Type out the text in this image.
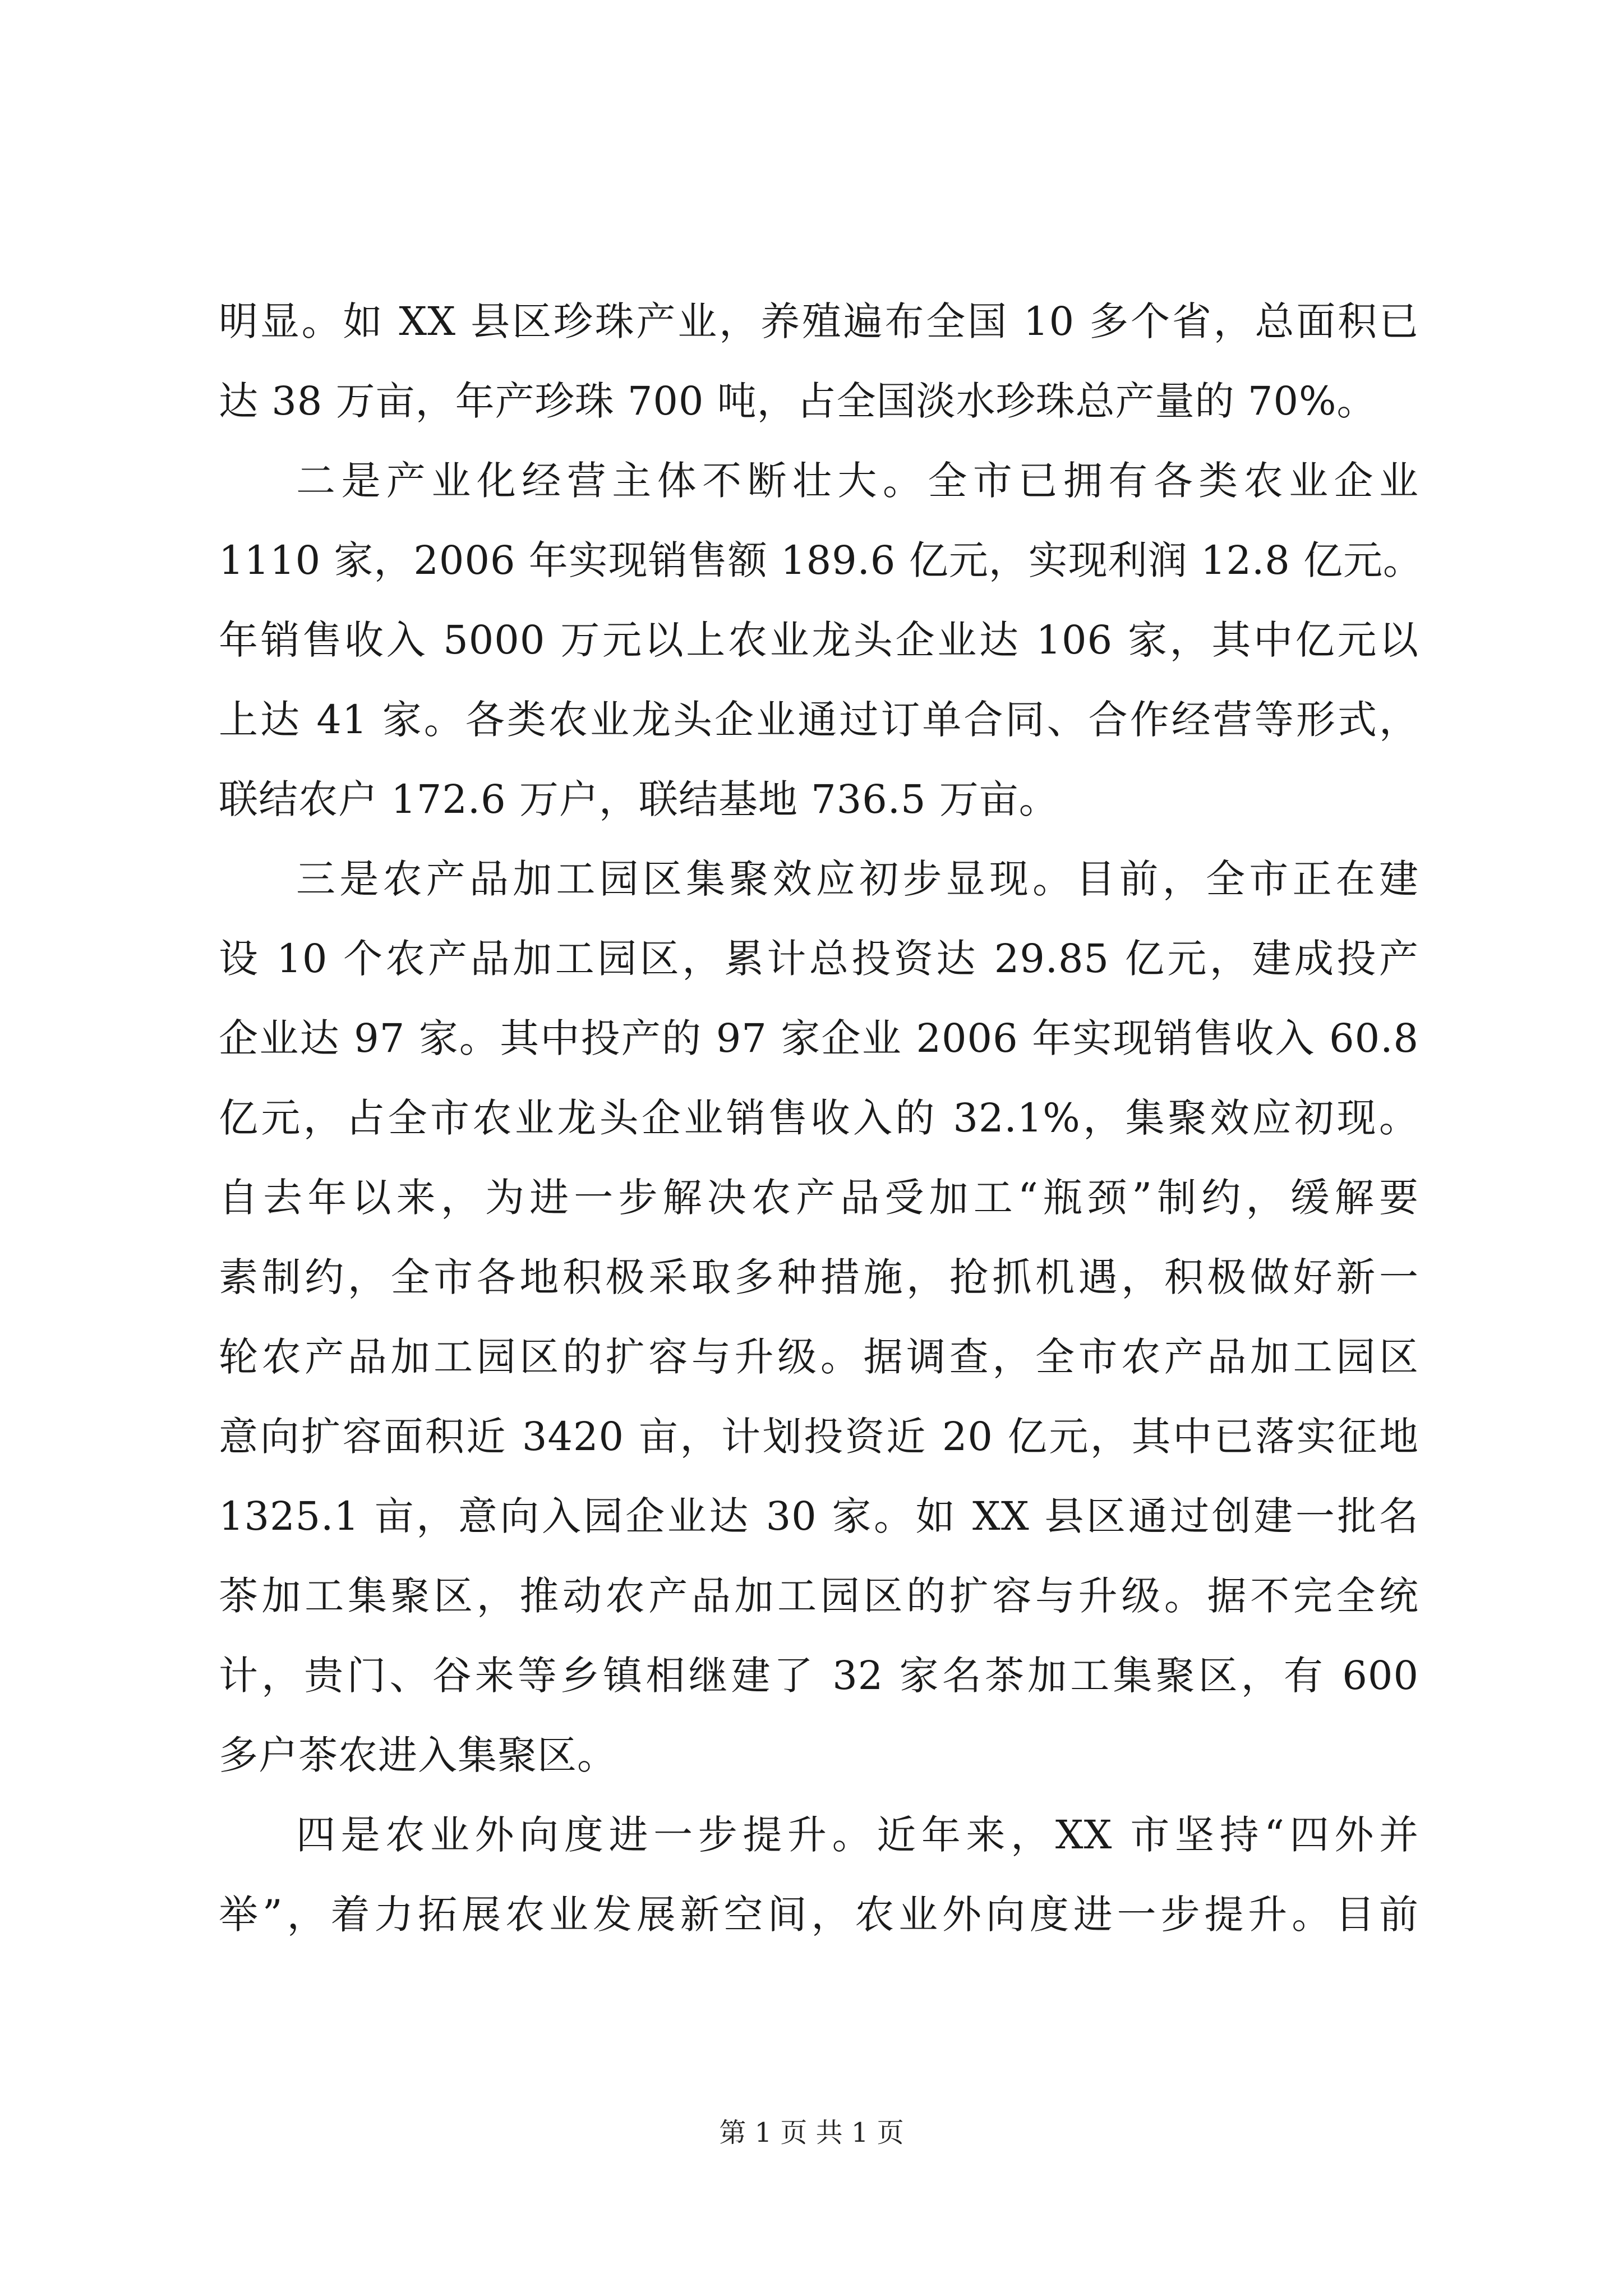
明显。如 XX 县区珍珠产业，养殖遍布全国 10 多个省，总面积已
达 38 万亩，年产珍珠 700 吨，占全国淡水珍珠总产量的 70%。
二是产业化经营主体不断壮大。全市已拥有各类农业企业
1110 家，2006 年实现销售额 189.6 亿元，实现利润 12.8 亿元。
年销售收入 5000 万元以上农业龙头企业达 106 家，其中亿元以
上达 41 家。各类农业龙头企业通过订单合同、合作经营等形式，
联结农户 172.6 万户，联结基地 736.5 万亩。
三是农产品加工园区集聚效应初步显现。目前，全市正在建
设 10 个农产品加工园区，累计总投资达 29.85 亿元，建成投产
企业达 97 家。其中投产的 97 家企业 2006 年实现销售收入 60.8
亿元，占全市农业龙头企业销售收入的 32.1%，集聚效应初现。
自去年以来，为进一步解决农产品受加工“瓶颈”制约，缓解要
素制约，全市各地积极采取多种措施，抢抓机遇，积极做好新一
轮农产品加工园区的扩容与升级。据调查，全市农产品加工园区
意向扩容面积近 3420 亩，计划投资近 20 亿元，其中已落实征地
1325.1 亩，意向入园企业达 30 家。如 XX 县区通过创建一批名
茶加工集聚区，推动农产品加工园区的扩容与升级。据不完全统
计，贵门、谷来等乡镇相继建了 32 家名茶加工集聚区，有 600
多户茶农进入集聚区。
四是农业外向度进一步提升。近年来，XX 市坚持“四外并
举”，着力拓展农业发展新空间，农业外向度进一步提升。目前
第 1 页 共 1 页
